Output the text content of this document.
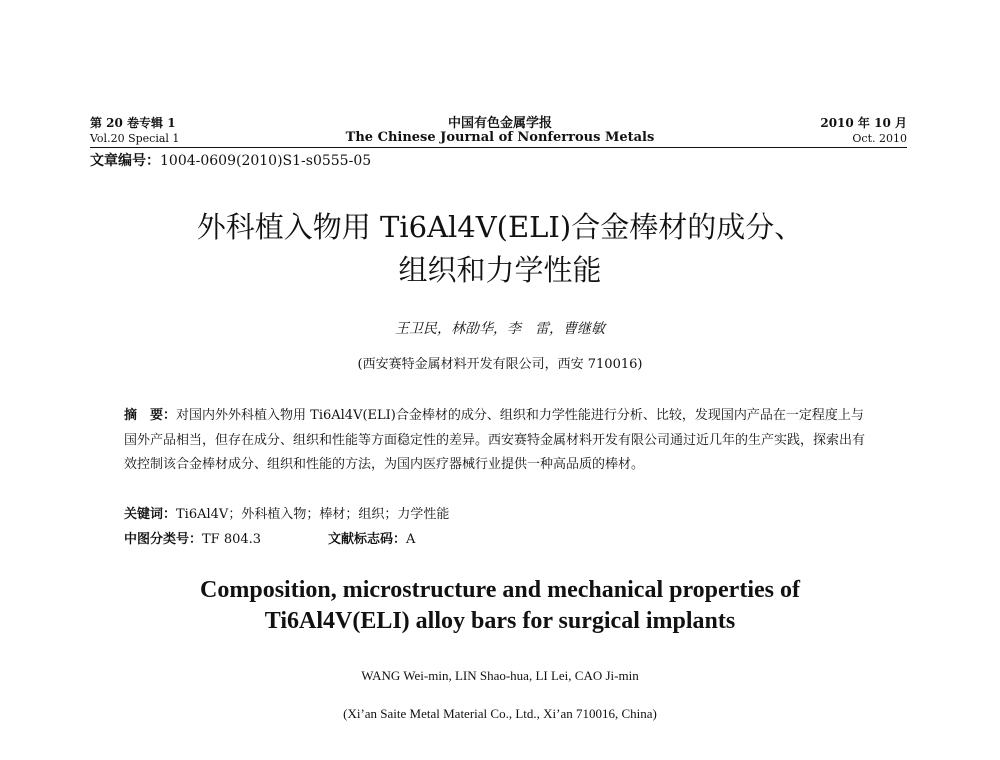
第 20 卷专辑 1
Vol.20 Special 1
中国有色金属学报
The Chinese Journal of Nonferrous Metals
2010 年 10 月
Oct. 2010
文章编号：1004-0609(2010)S1-s0555-05
外科植入物用 Ti6Al4V(ELI)合金棒材的成分、
组织和力学性能
王卫民，林劭华，李　雷，曹继敏
(西安赛特金属材料开发有限公司，西安 710016)
摘　要：对国内外外科植入物用 Ti6Al4V(ELI)合金棒材的成分、组织和力学性能进行分析、比较，发现国内产品在一定程度上与国外产品相当，但存在成分、组织和性能等方面稳定性的差异。西安赛特金属材料开发有限公司通过近几年的生产实践，探索出有效控制该合金棒材成分、组织和性能的方法，为国内医疗器械行业提供一种高品质的棒材。
关键词：Ti6Al4V；外科植入物；棒材；组织；力学性能
中图分类号：TF 804.3	文献标志码：A
Composition, microstructure and mechanical properties of
Ti6Al4V(ELI) alloy bars for surgical implants
WANG Wei-min, LIN Shao-hua, LI Lei, CAO Ji-min
(Xi’an Saite Metal Material Co., Ltd., Xi’an 710016, China)
